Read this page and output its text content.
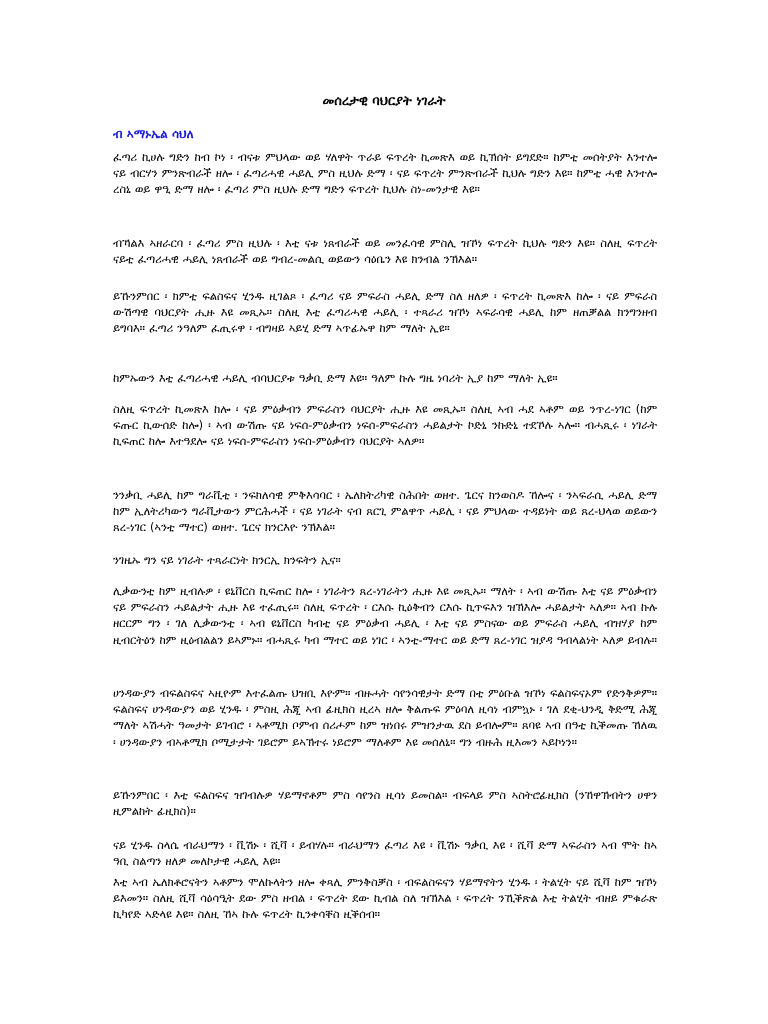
መሰረታዊ ባህርያት ነገራት
ብ ኣማኑኤል ሳህለ

ፈጣሪ ኪሀሉ ግድን ከብ ኮነ ፡ ብናቱ ምህላው ወይ ሃለዋት ጥራይ ፍጥረት ኪመጽእ ወይ ኪኽሰት ይግደድ። ከምቲ መሰትያት እንተሎ ናይ ብርሃን ምንጽብራች ዘሎ ፡ ፈጣሪሓዊ ሓይሊ ምስ ዚህሉ ድማ ፡ ናይ ፍጥረት ምንጽብራች ኪህሉ ግድን እዩ። ከምቲ ሓዊ እንተሎ ረስኒ ወይ ዋዒ ድማ ዘሎ ፡ ፈጣሪ ምስ ዚህሉ ድማ ግድን ፍጥረት ኪህሉ ስነ-መንታዊ እዩ።

ብኻልእ ኣዘራርባ ፡ ፈጣሪ ምስ ዚህሉ ፡ እቲ ናቱ ነጸብራች ወይ መንፈሳዊ ምስሊ ዝኾነ ፍጥረት ኪህሉ ግድን እዩ። ስለዚ ፍጥረት ናይቲ ፈጣሪሓዊ ሓይሊ ነጸብራች ወይ ግብረ-መልሲ ወይውን ሳዕቤን እዩ ክንብል ንኽእል።

ይኹንምበር ፡ ክምቲ ፍልስፍና ሂንዱ ዚገልጾ ፡ ፈጣሪ ናይ ምፍራስ ሓይሊ ድማ ስለ ዘለዎ ፡ ፍጥረት ኪመጽእ ከሎ ፡ ናይ ምፍራስ ውሽጣዊ ባህርያት ሒዙ እዩ መጺኡ። ስለዚ እቲ ፈጣሪሓዊ ሓይሊ ፡ ተጻራሪ ዝኾነ ኣፍራሳዊ ሓይሊ ከም ዘጠቓልል ክንግንዘብ ይግባእ። ፈጣሪ ንዓለም ፈጢሩዋ ፡ ብግዛይ ኣይሂ ድማ ኣጥፊኡዋ ከም ማለት ኢዩ።

ከምኡውን እቲ ፈጣሪሓዊ ሓይሊ ብባህርያቱ ዓቃቢ ድማ እዩ። ዓለም ኩሉ ግዜ ነባሪት ኢያ ከም ማለት ኢዩ።

ስለዚ ፍጥረት ኪመጽእ ከሎ ፡ ናይ ምዕቃብን ምፍራስን ባህርያት ሒዙ እዩ መጺኡ። ስለዚ ኣብ ሓደ ኣቶም ወይ ንጥረ-ነገር (ከም ፍጡር ኪውሰድ ከሎ) ፡ ኣብ ውሽጡ ናይ ነፍሰ-ምዕቃብን ነፍሰ-ምፍራስን ሓይልታት ኮድኒ ንኩድኒ ተደኾሉ ኣሎ። ብሓጺሩ ፡ ነገራት ኪፍጠር ከሎ እተዓደሎ ናይ ነፍሰ-ምፍራስን ነፍሰ-ምዕቃብን ባህርያት ኣለዎ።

ንንቃቢ ሓይሊ ከም ግራቪቲ ፡ ንፍክለሳዊ ምቅእሳባር ፡ ኤለክትሪካዊ ስሕበት ወዘተ. ጌርና ክንወስዶ ኸሎና ፡ ንኣፍራሲ ሓይሊ ድማ ከም ኢለትሪካውን ግራቪታውን ምርሕሓች ፡ ናይ ነገራት ናብ ጸርጊ ምልዋጥ ሓይሊ ፡ ናይ ምህላው ተዳይነት ወይ ጸረ-ህላወ ወይውን ጸረ-ነገር (ኣንቲ ማተር) ወዘተ. ጌርና ክንርእዮ ንኽእል።

ንገዜኡ ግን ናይ ነገራት ተጻራርነት ክንርኢ ክንፍትን ኢና።

ሊቃውንቲ ከም ዚብሉዎ ፡ ዩኒቨርስ ኪፍጠር ከሎ ፡ ነገራትን ጸረ-ነገራትን ሒዙ እዩ መጺኡ። ማለት ፡ ኣብ ውሽጡ እቲ ናይ ምዕቃብን ናይ ምፍራስን ሓይልታት ሒዙ እዩ ተፈጢሩ። ስለዚ ፍጥረት ፡ ርእሱ ኪዕቅብን ርእሱ ኪጥፍእን ዝኽእሎ ሓይልታት ኣለዎ። ኣብ ኩሉ ዘርርም ግን ፡ ገለ ሊቃውንቲ ፡ ኣብ ዩኒቨርስ ካብቲ ናይ ምዕቃብ ሓይሊ ፡ እቲ ናይ ምስናው ወይ ምፍራስ ሓይሊ ብዝሃያ ከም ዚብርትዕን ከም ዚዕብልልን ይኣምኑ። ብሓጺሩ ካብ ማተር ወይ ነገር ፡ ኣንቲ-ማተር ወይ ድማ ጸረ-ነገር ዝያዳ ዓብላልነት ኣለዎ ይብሉ።

ሀንዳውያን ብፍልስፍና ኣዚዮም እተፈልጡ ህዝቢ እዮም። ብዙሓት ሳየንሳዊታት ድማ በቲ ምዕቡል ዝኾነ ፍልስፍናኦም የድንቅዎም። ፍልስፍና ሀንዳውያን ወይ ሂንዱ ፡ ምስዚ ሕጂ ኣብ ፊዚክስ ዚረኣ ዘሎ ቅልጡፍ ምዕባለ ዚሳነ ብምኳኑ ፡ ገለ ደቂ-ህንዲ ቅድሚ ሕጂ ማለት ኣሽሓት ዓመታት ይገብሮ ፡ ኣቶሚክ ቦምብ ሰሪሖም ከም ዝነበሩ ምዝንታዉ ደስ ይብሎም። ጸባዩ ኣብ በዓቲ ኪቕመጡ ኸለዉ ፡ ሀንዳውያን ብኣቶሚክ ቦሚታታት ገይሮም ይኣኽተሩ ነይሮም ማለቶም እዩ መሰለኒ። ግን ብዙሕ ዚእመን ኣይኮነን።

ይኹንምበር ፡ እቲ ፍልስፍና ዝገብሉዎ ሃይማኖቶም ምስ ሳየንስ ዚሳነ ይመስል። ብፍላይ ምስ ኣስትሮፊዚክስ (ንኸዋኽብትን ሀዋን ዚምልከት ፊዚክስ)።

ናይ ሂንዱ ስላሴ ብራህማን ፡ ቪሽኑ ፡ ሺቫ ፡ ይብሃሉ። ብራህማን ፈጣሪ እዩ ፡ ቪሽኑ ዓቃቢ እዩ ፡ ሺቫ ድማ ኣፍራስን ኣብ ሞት ከኣ ዓቢ ስልጣን ዘለዎ መለኮታዊ ሓይሊ እዩ።

እቲ ኣብ ኤለክቶሮናትን ኣቶምን ሞለኩላትን ዘሎ ቀጻሊ ምንቅስቓስ ፡ ብፍልስፍናን ሃይማኖትን ሂንዱ ፡ ትልሂት ናይ ሺቫ ከም ዝኾነ ይእመን። ስለዚ ሺቫ ሳዕሳዒት ደው ምስ ዘብል ፡ ፍጥረት ደው ኪብል ስለ ዝኽእል ፡ ፍጥረት ንኺቕጽል እቲ ትልሂት ብዘይ ምቁራጽ ኪካየድ ኣድላዩ እዩ። ስለዚ ኸኣ ኩሉ ፍጥረት ኪንቀሳቐስ ዚቕሰብ።
